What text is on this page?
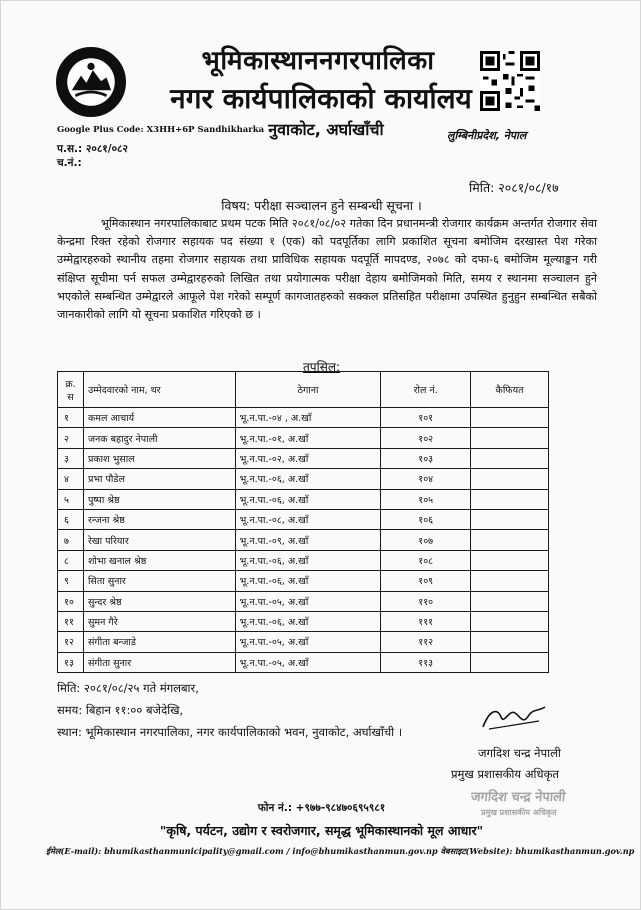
भूमिकास्थाननगरपालिका
नगर कार्यपालिकाको कार्यालय
नुवाकोट, अर्घाखाँची	लुम्बिनीप्रदेश, नेपाल
Google Plus Code: X3HH+6P Sandhikharka
प.स.: २०८१/०८२
च.नं.:
मिति: २०८१/०८/१७
विषय: परीक्षा सञ्चालन हुने सम्बन्धी सूचना ।
भूमिकास्थान नगरपालिकाबाट प्रथम पटक मिति २०८१/०८/०२ गतेका दिन प्रधानमन्त्री रोजगार कार्यक्रम अन्तर्गत रोजगार सेवा केन्द्रमा रिक्त रहेको रोजगार सहायक पद संख्या १ (एक) को पदपूर्तिका लागि प्रकाशित सूचना बमोजिम दरखास्त पेश गरेका उम्मेद्वारहरुको स्थानीय तहमा रोजगार सहायक तथा प्राविधिक सहायक पदपूर्ति मापदण्ड, २०७८ को दफा-६ बमोजिम मूल्याङ्कन गरी संक्षिप्त सूचीमा पर्न सफल उम्मेद्वारहरुको लिखित तथा प्रयोगात्मक परीक्षा देहाय बमोजिमको मिति, समय र स्थानमा सञ्चालन हुने भएकोले सम्बन्धित उम्मेद्वारले आफूले पेश गरेको सम्पूर्ण कागजातहरुको सक्कल प्रतिसहित परीक्षामा उपस्थित हुनुहुन सम्बन्धित सबैको जानकारीको लागि यो सूचना प्रकाशित गरिएको छ ।
तपसिल:
क्र. स	उम्मेदवारको नाम, थर	ठेगाना	रोल नं.	कैफियत
१	कमल आचार्य	भू.न.पा.-०४ , अ.खाँ	१०१	
२	जनक बहादुर नेपाली	भू.न.पा.-०१, अ.खाँ	१०२	
३	प्रकाश भुसाल	भू.न.पा.-०२, अ.खाँ	१०३	
४	प्रभा पौडेल	भू.न.पा.-०६, अ.खाँ	१०४	
५	पुष्पा श्रेष्ठ	भू.न.पा.-०६, अ.खाँ	१०५	
६	रन्जना श्रेष्ठ	भू.न.पा.-०८, अ.खाँ	१०६	
७	रेखा परियार	भू.न.पा.-०९, अ.खाँ	१०७	
८	शोभा खनाल श्रेष्ठ	भू.न.पा.-०६, अ.खाँ	१०८	
९	सिता सुनार	भू.न.पा.-०६, अ.खाँ	१०९	
१०	सुन्दर श्रेष्ठ	भू.न.पा.-०५, अ.खाँ	११०	
११	सुमन गैरे	भू.न.पा.-०६, अ.खाँ	१११	
१२	संगीता बन्जाडे	भू.न.पा.-०५, अ.खाँ	११२	
१३	संगीता सुनार	भू.न.पा.-०५, अ.खाँ	११३	
मिति: २०८१/०८/२५ गते मंगलबार,
समय: बिहान ११:०० बजेदेखि,
स्थान: भूमिकास्थान नगरपालिका, नगर कार्यपालिकाको भवन, नुवाकोट, अर्घाखाँची ।
जगदिश चन्द्र नेपाली
प्रमुख प्रशासकीय अधिकृत
जगदिश चन्द्र नेपाली
प्रमुख प्रशासकीय अधिकृत
फोन नं.: +९७७-९८४७०६९५९८१
"कृषि, पर्यटन, उद्योग र स्वरोजगार, समृद्ध भूमिकास्थानको मूल आधार"
ईमेल(E-mail): bhumikasthanmunicipality@gmail.com / info@bhumikasthanmun.gov.np वेबसाइट(Website): bhumikasthanmun.gov.np
